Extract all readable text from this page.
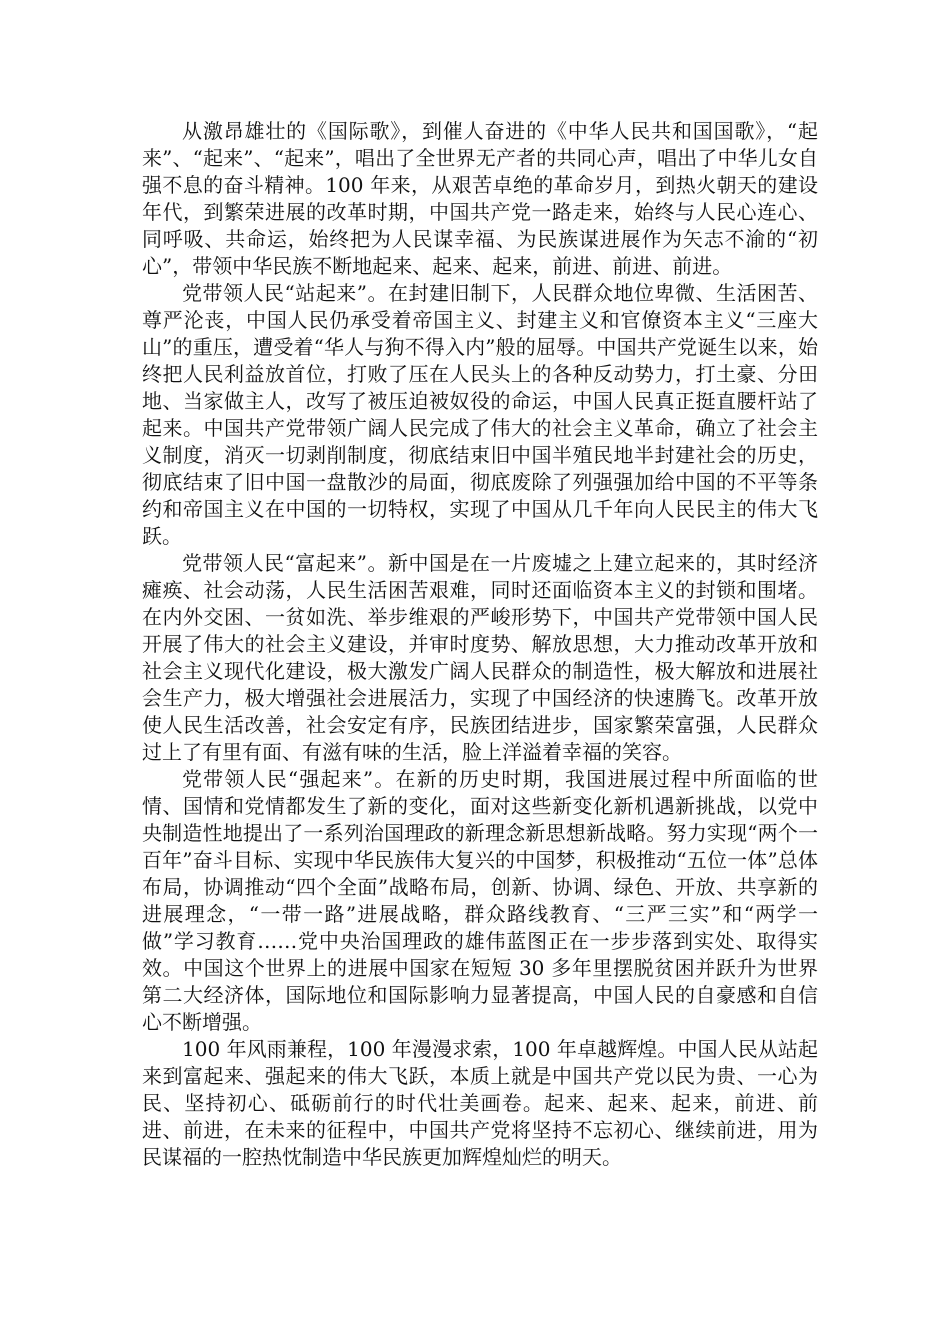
从激昂雄壮的《国际歌》，到催人奋进的《中华人民共和国国歌》，“起来”、“起来”、“起来”，唱出了全世界无产者的共同心声，唱出了中华儿女自强不息的奋斗精神。100 年来，从艰苦卓绝的革命岁月，到热火朝天的建设年代，到繁荣进展的改革时期，中国共产党一路走来，始终与人民心连心、同呼吸、共命运，始终把为人民谋幸福、为民族谋进展作为矢志不渝的“初心”，带领中华民族不断地起来、起来、起来，前进、前进、前进。

党带领人民“站起来”。在封建旧制下，人民群众地位卑微、生活困苦、尊严沦丧，中国人民仍承受着帝国主义、封建主义和官僚资本主义“三座大山”的重压，遭受着“华人与狗不得入内”般的屈辱。中国共产党诞生以来，始终把人民利益放首位，打败了压在人民头上的各种反动势力，打土豪、分田地、当家做主人，改写了被压迫被奴役的命运，中国人民真正挺直腰杆站了起来。中国共产党带领广阔人民完成了伟大的社会主义革命，确立了社会主义制度，消灭一切剥削制度，彻底结束旧中国半殖民地半封建社会的历史，彻底结束了旧中国一盘散沙的局面，彻底废除了列强强加给中国的不平等条约和帝国主义在中国的一切特权，实现了中国从几千年向人民民主的伟大飞跃。

党带领人民“富起来”。新中国是在一片废墟之上建立起来的，其时经济瘫痪、社会动荡，人民生活困苦艰难，同时还面临资本主义的封锁和围堵。在内外交困、一贫如洗、举步维艰的严峻形势下，中国共产党带领中国人民开展了伟大的社会主义建设，并审时度势、解放思想，大力推动改革开放和社会主义现代化建设，极大激发广阔人民群众的制造性，极大解放和进展社会生产力，极大增强社会进展活力，实现了中国经济的快速腾飞。改革开放使人民生活改善，社会安定有序，民族团结进步，国家繁荣富强，人民群众过上了有里有面、有滋有味的生活，脸上洋溢着幸福的笑容。

党带领人民“强起来”。在新的历史时期，我国进展过程中所面临的世情、国情和党情都发生了新的变化，面对这些新变化新机遇新挑战，以党中央制造性地提出了一系列治国理政的新理念新思想新战略。努力实现“两个一百年”奋斗目标、实现中华民族伟大复兴的中国梦，积极推动“五位一体”总体布局，协调推动“四个全面”战略布局，创新、协调、绿色、开放、共享新的进展理念，“一带一路”进展战略，群众路线教育、“三严三实”和“两学一做”学习教育……党中央治国理政的雄伟蓝图正在一步步落到实处、取得实效。中国这个世界上的进展中国家在短短 30 多年里摆脱贫困并跃升为世界第二大经济体，国际地位和国际影响力显著提高，中国人民的自豪感和自信心不断增强。

100 年风雨兼程，100 年漫漫求索，100 年卓越辉煌。中国人民从站起来到富起来、强起来的伟大飞跃，本质上就是中国共产党以民为贵、一心为民、坚持初心、砥砺前行的时代壮美画卷。起来、起来、起来，前进、前进、前进，在未来的征程中，中国共产党将坚持不忘初心、继续前进，用为民谋福的一腔热忱制造中华民族更加辉煌灿烂的明天。
